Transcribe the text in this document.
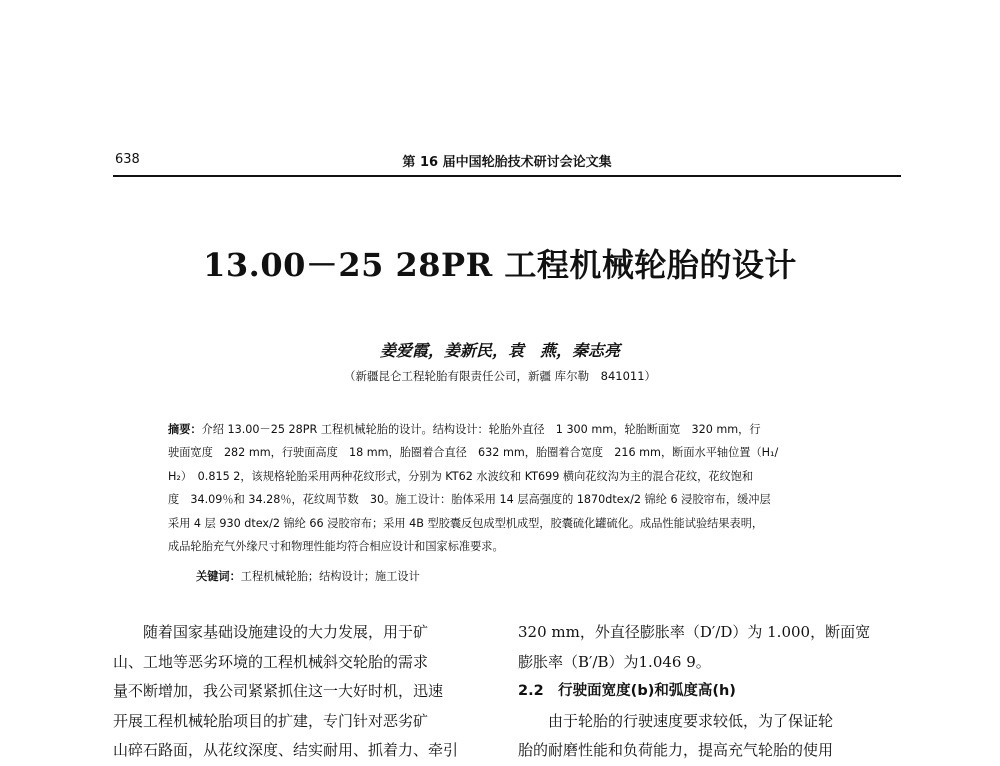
638	第 16 届中国轮胎技术研讨会论文集
13.00－25 28PR 工程机械轮胎的设计
姜爱霞，姜新民，袁　燕，秦志亮
（新疆昆仑工程轮胎有限责任公司，新疆 库尔勒　841011）
摘要：介绍 13.00－25 28PR 工程机械轮胎的设计。结构设计：轮胎外直径　1 300 mm，轮胎断面宽　320 mm，行
驶面宽度　282 mm，行驶面高度　18 mm，胎圈着合直径　632 mm，胎圈着合宽度　216 mm，断面水平轴位置（H₁/
H₂）　0.815 2，该规格轮胎采用两种花纹形式，分别为 KT62 水波纹和 KT699 横向花纹沟为主的混合花纹，花纹饱和
度　34.09％和 34.28％，花纹周节数　30。施工设计：胎体采用 14 层高强度的 1870dtex/2 锦纶 6 浸胶帘布，缓冲层
采用 4 层 930 dtex/2 锦纶 66 浸胶帘布；采用 4B 型胶囊反包成型机成型，胶囊硫化罐硫化。成品性能试验结果表明，
成品轮胎充气外缘尺寸和物理性能均符合相应设计和国家标准要求。
关键词：工程机械轮胎；结构设计；施工设计
随着国家基础设施建设的大力发展，用于矿
山、工地等恶劣环境的工程机械斜交轮胎的需求
量不断增加，我公司紧紧抓住这一大好时机，迅速
开展工程机械轮胎项目的扩建，专门针对恶劣矿
山碎石路面，从花纹深度、结实耐用、抓着力、牵引
320 mm，外直径膨胀率（D′/D）为 1.000，断面宽
膨胀率（B′/B）为1.046 9。
2.2　行驶面宽度(b)和弧度高(h)
由于轮胎的行驶速度要求较低，为了保证轮
胎的耐磨性能和负荷能力，提高充气轮胎的使用
